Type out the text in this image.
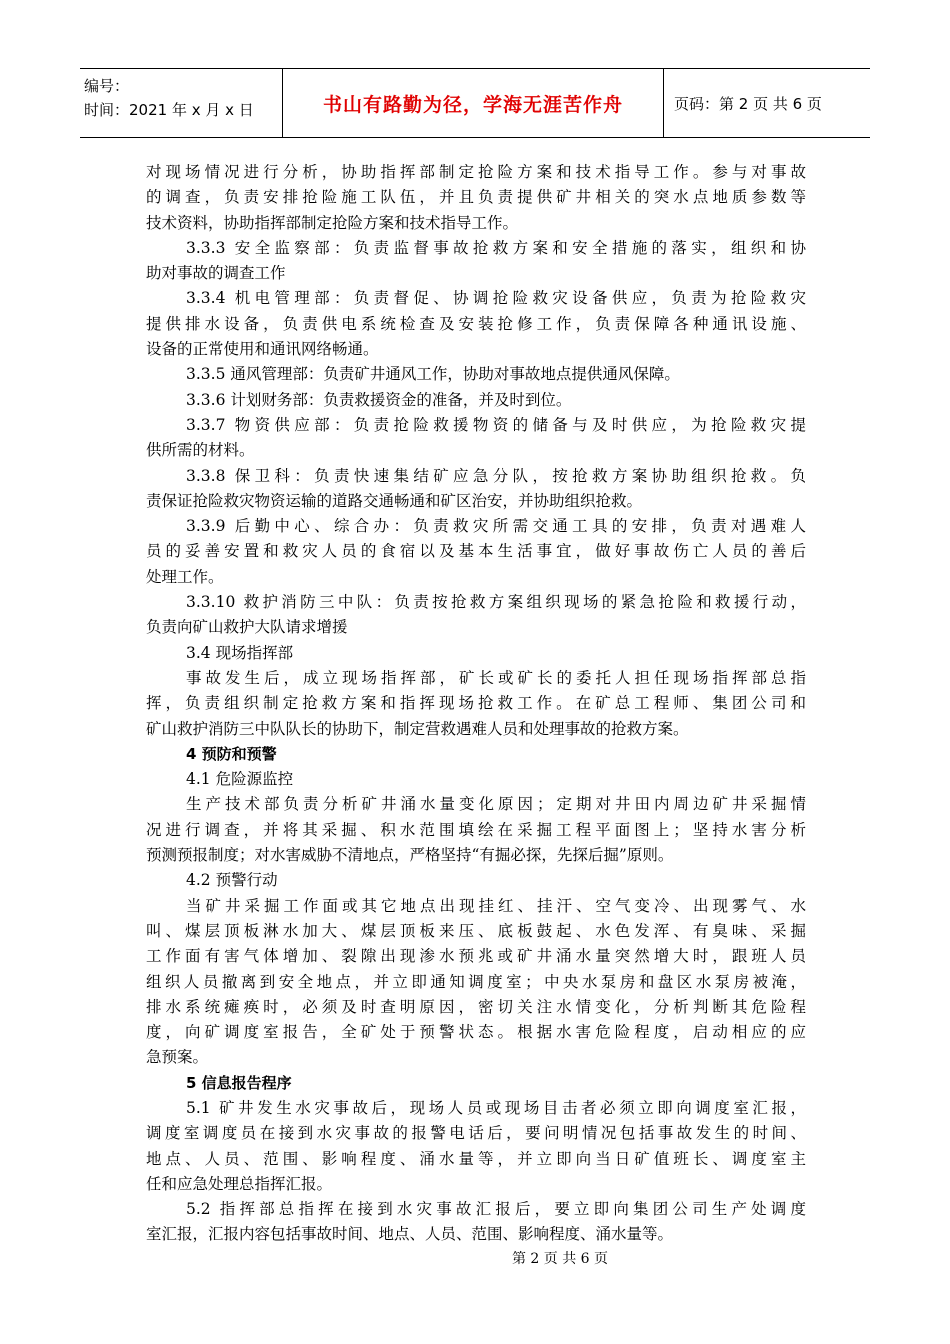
编号：
时间：2021 年 x 月 x 日	书山有路勤为径，学海无涯苦作舟	页码：第 2 页 共 6 页
对现场情况进行分析，协助指挥部制定抢险方案和技术指导工作。参与对事故
的调查，负责安排抢险施工队伍，并且负责提供矿井相关的突水点地质参数等
技术资料，协助指挥部制定抢险方案和技术指导工作。
3.3.3 安全监察部：负责监督事故抢救方案和安全措施的落实，组织和协
助对事故的调查工作
3.3.4 机电管理部：负责督促、协调抢险救灾设备供应，负责为抢险救灾
提供排水设备，负责供电系统检查及安装抢修工作，负责保障各种通讯设施、
设备的正常使用和通讯网络畅通。
3.3.5 通风管理部：负责矿井通风工作，协助对事故地点提供通风保障。
3.3.6 计划财务部：负责救援资金的准备，并及时到位。
3.3.7 物资供应部：负责抢险救援物资的储备与及时供应，为抢险救灾提
供所需的材料。
3.3.8 保卫科：负责快速集结矿应急分队，按抢救方案协助组织抢救。负
责保证抢险救灾物资运输的道路交通畅通和矿区治安，并协助组织抢救。
3.3.9 后勤中心、综合办：负责救灾所需交通工具的安排，负责对遇难人
员的妥善安置和救灾人员的食宿以及基本生活事宜，做好事故伤亡人员的善后
处理工作。
3.3.10 救护消防三中队：负责按抢救方案组织现场的紧急抢险和救援行动，
负责向矿山救护大队请求增援
3.4 现场指挥部
事故发生后，成立现场指挥部，矿长或矿长的委托人担任现场指挥部总指
挥，负责组织制定抢救方案和指挥现场抢救工作。在矿总工程师、集团公司和
矿山救护消防三中队队长的协助下，制定营救遇难人员和处理事故的抢救方案。
4 预防和预警
4.1 危险源监控
生产技术部负责分析矿井涌水量变化原因；定期对井田内周边矿井采掘情
况进行调查，并将其采掘、积水范围填绘在采掘工程平面图上；坚持水害分析
预测预报制度；对水害威胁不清地点，严格坚持“有掘必探，先探后掘”原则。
4.2 预警行动
当矿井采掘工作面或其它地点出现挂红、挂汗、空气变冷、出现雾气、水
叫、煤层顶板淋水加大、煤层顶板来压、底板鼓起、水色发浑、有臭味、采掘
工作面有害气体增加、裂隙出现渗水预兆或矿井涌水量突然增大时，跟班人员
组织人员撤离到安全地点，并立即通知调度室；中央水泵房和盘区水泵房被淹，
排水系统瘫痪时，必须及时查明原因，密切关注水情变化，分析判断其危险程
度，向矿调度室报告，全矿处于预警状态。根据水害危险程度，启动相应的应
急预案。
5 信息报告程序
5.1 矿井发生水灾事故后，现场人员或现场目击者必须立即向调度室汇报，
调度室调度员在接到水灾事故的报警电话后，要问明情况包括事故发生的时间、
地点、人员、范围、影响程度、涌水量等，并立即向当日矿值班长、调度室主
任和应急处理总指挥汇报。
5.2 指挥部总指挥在接到水灾事故汇报后，要立即向集团公司生产处调度
室汇报，汇报内容包括事故时间、地点、人员、范围、影响程度、涌水量等。
第 2 页 共 6 页
